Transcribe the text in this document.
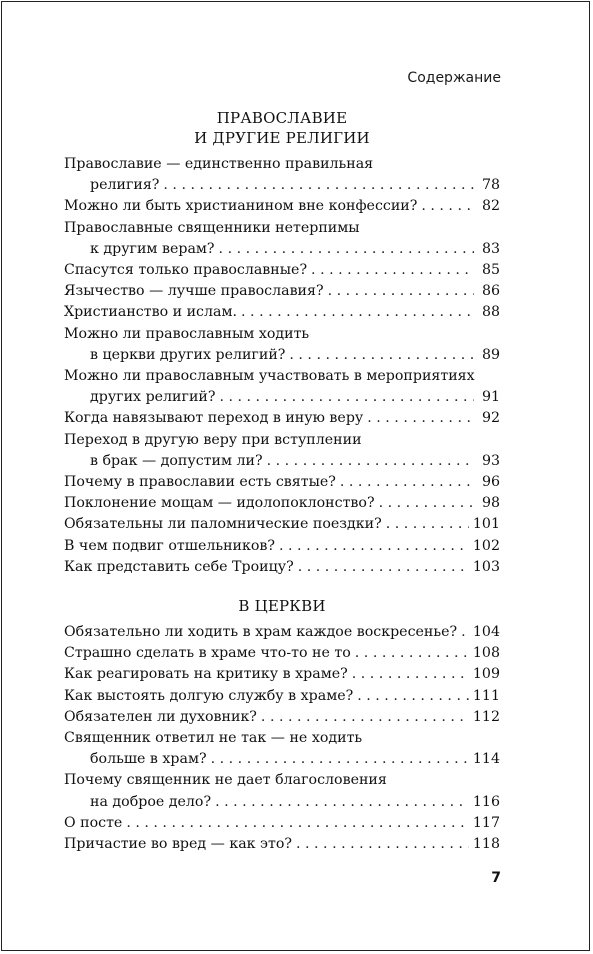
Содержание
ПРАВОСЛАВИЕ
И ДРУГИЕ РЕЛИГИИ
Православие — единственно правильная
религия? . . .	78
Можно ли быть христианином вне конфессии? . . .	82
Православные священники нетерпимы
к другим верам? . . .	83
Спасутся только православные? . . .	85
Язычество — лучше православия? . . .	86
Христианство и ислам. . . .	88
Можно ли православным ходить
в церкви других религий? . . .	89
Можно ли православным участвовать в мероприятиях
других религий? . . .	91
Когда навязывают переход в иную веру . . .	92
Переход в другую веру при вступлении
в брак — допустим ли? . . .	93
Почему в православии есть святые? . . .	96
Поклонение мощам — идолопоклонство? . . .	98
Обязательны ли паломнические поездки? . . .	101
В чем подвиг отшельников? . . .	102
Как представить себе Троицу? . . .	103
В ЦЕРКВИ
Обязательно ли ходить в храм каждое воскресенье? . . . 104
Страшно сделать в храме что-то не то . . .	108
Как реагировать на критику в храме? . . .	109
Как выстоять долгую службу в храме? . . .	111
Обязателен ли духовник? . . .	112
Священник ответил не так — не ходить
больше в храм? . . .	114
Почему священник не дает благословения
на доброе дело? . . .	116
О посте . . .	117
Причастие во вред — как это? . . .	118
7
